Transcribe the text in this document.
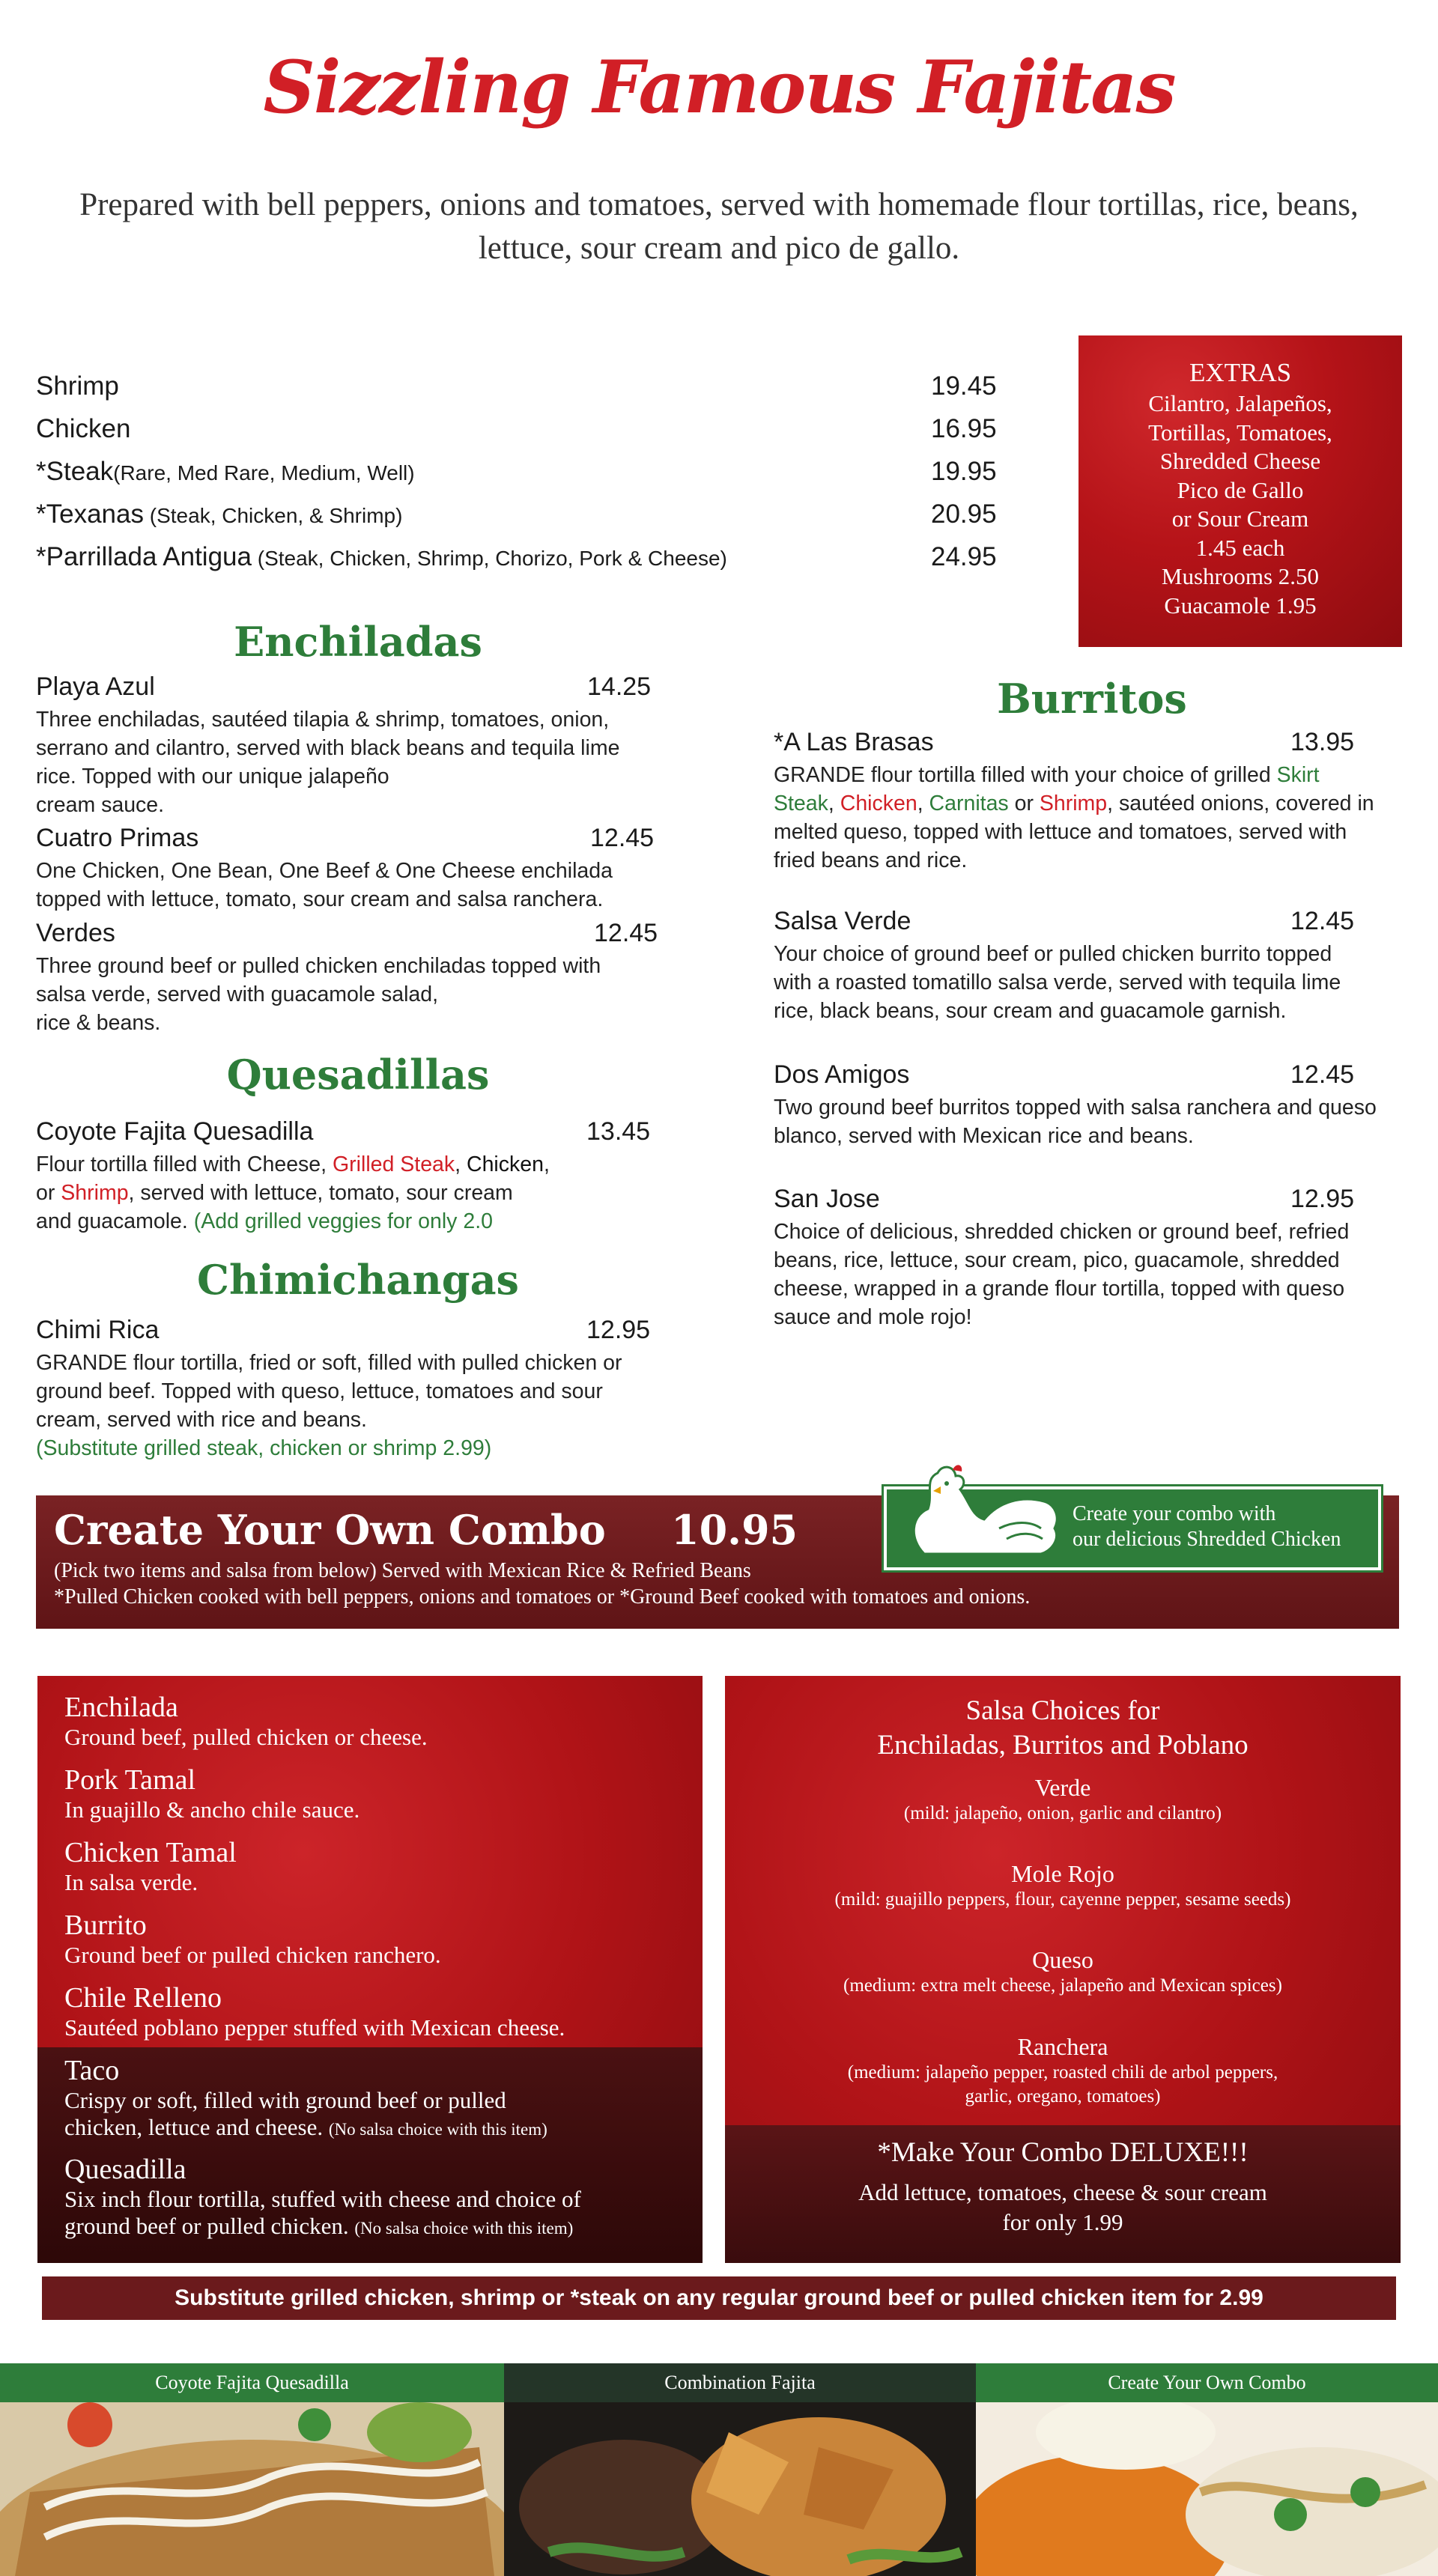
Sizzling Famous Fajitas
Prepared with bell peppers, onions and tomatoes, served with homemade flour tortillas, rice, beans, lettuce, sour cream and pico de gallo.
Shrimp	19.45
Chicken	16.95
*Steak(Rare, Med Rare, Medium, Well)	19.95
*Texanas (Steak, Chicken, & Shrimp)	20.95
*Parrillada Antigua (Steak, Chicken, Shrimp, Chorizo, Pork & Cheese)	24.95
EXTRAS
Cilantro, Jalapeños,
Tortillas, Tomatoes,
Shredded Cheese
Pico de Gallo
or Sour Cream
1.45 each
Mushrooms 2.50
Guacamole 1.95
Enchiladas
Playa Azul	14.25
Three enchiladas, sautéed tilapia & shrimp, tomatoes, onion,
serrano and cilantro, served with black beans and tequila lime
rice. Topped with our unique jalapeño
cream sauce.
Cuatro Primas	12.45
One Chicken, One Bean, One Beef & One Cheese enchilada
topped with lettuce, tomato, sour cream and salsa ranchera.
Verdes	12.45
Three ground beef or pulled chicken enchiladas topped with
salsa verde, served with guacamole salad,
rice & beans.
Quesadillas
Coyote Fajita Quesadilla	13.45
Flour tortilla filled with Cheese, Grilled Steak, Chicken,
or Shrimp, served with lettuce, tomato, sour cream
and guacamole. (Add grilled veggies for only 2.0
Chimichangas
Chimi Rica	12.95
GRANDE flour tortilla, fried or soft, filled with pulled chicken or
ground beef. Topped with queso, lettuce, tomatoes and sour
cream, served with rice and beans.
(Substitute grilled steak, chicken or shrimp 2.99)
Burritos
*A Las Brasas	13.95
GRANDE flour tortilla filled with your choice of grilled Skirt
Steak, Chicken, Carnitas or Shrimp, sautéed onions, covered in
melted queso, topped with lettuce and tomatoes, served with
fried beans and rice.
Salsa Verde	12.45
Your choice of ground beef or pulled chicken burrito topped
with a roasted tomatillo salsa verde, served with tequila lime
rice, black beans, sour cream and guacamole garnish.
Dos Amigos	12.45
Two ground beef burritos topped with salsa ranchera and queso
blanco, served with Mexican rice and beans.
San Jose	12.95
Choice of delicious, shredded chicken or ground beef, refried
beans, rice, lettuce, sour cream, pico, guacamole, shredded
cheese, wrapped in a grande flour tortilla, topped with queso
sauce and mole rojo!
Create Your Own Combo 10.95
(Pick two items and salsa from below) Served with Mexican Rice & Refried Beans
*Pulled Chicken cooked with bell peppers, onions and tomatoes or *Ground Beef cooked with tomatoes and onions.
Create your combo with
our delicious Shredded Chicken
Enchilada
Ground beef, pulled chicken or cheese.
Pork Tamal
In guajillo & ancho chile sauce.
Chicken Tamal
In salsa verde.
Burrito
Ground beef or pulled chicken ranchero.
Chile Relleno
Sautéed poblano pepper stuffed with Mexican cheese.
Taco
Crispy or soft, filled with ground beef or pulled
chicken, lettuce and cheese. (No salsa choice with this item)
Quesadilla
Six inch flour tortilla, stuffed with cheese and choice of
ground beef or pulled chicken. (No salsa choice with this item)
Salsa Choices for
Enchiladas, Burritos and Poblano
Verde
(mild: jalapeño, onion, garlic and cilantro)
Mole Rojo
(mild: guajillo peppers, flour, cayenne pepper, sesame seeds)
Queso
(medium: extra melt cheese, jalapeño and Mexican spices)
Ranchera
(medium: jalapeño pepper, roasted chili de arbol peppers,
garlic, oregano, tomatoes)
*Make Your Combo DELUXE!!!
Add lettuce, tomatoes, cheese & sour cream
for only 1.99
Substitute grilled chicken, shrimp or *steak on any regular ground beef or pulled chicken item for 2.99
Coyote Fajita Quesadilla	Combination Fajita	Create Your Own Combo
